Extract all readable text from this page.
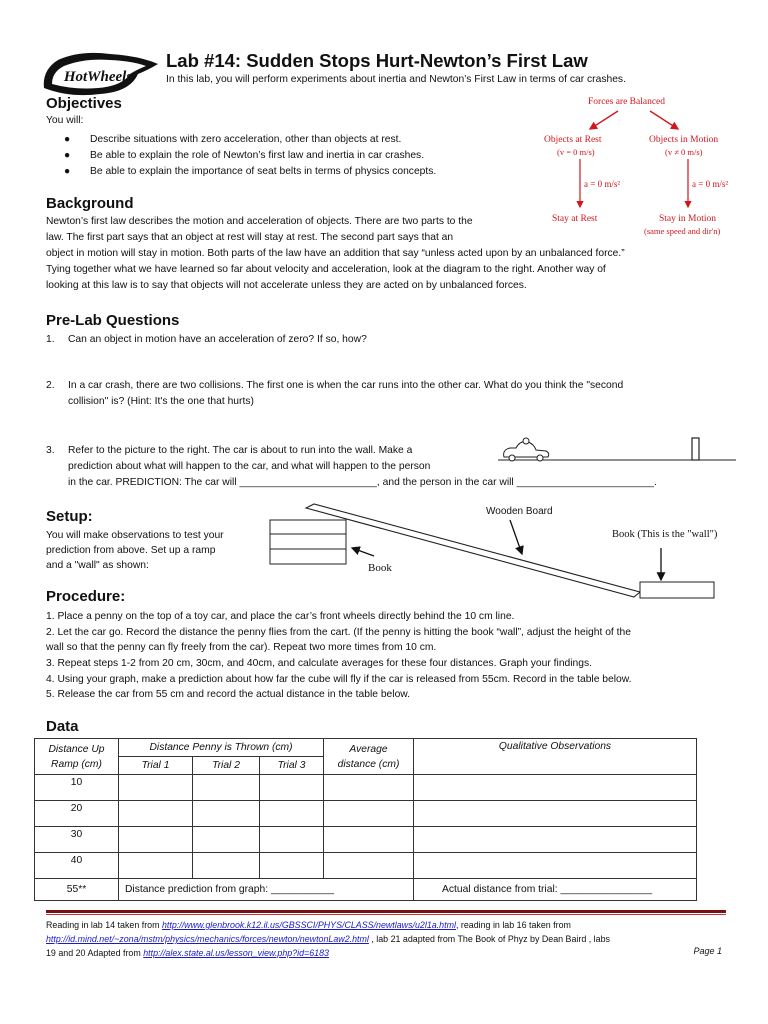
HotWheels
Lab #14: Sudden Stops Hurt-Newton’s First Law
In this lab, you will perform experiments about inertia and Newton’s First Law in terms of car crashes.
Objectives
You will:
● Describe situations with zero acceleration, other than objects at rest.
● Be able to explain the role of Newton’s first law and inertia in car crashes.
● Be able to explain the importance of seat belts in terms of physics concepts.
Forces are Balanced
Objects at Rest
(v = 0 m/s)
Objects in Motion
(v ≠ 0 m/s)
a = 0 m/s²	a = 0 m/s²
Stay at Rest	Stay in Motion
(same speed and dir'n)
Background
Newton’s first law describes the motion and acceleration of objects. There are two parts to the
law. The first part says that an object at rest will stay at rest. The second part says that an
object in motion will stay in motion. Both parts of the law have an addition that say “unless acted upon by an unbalanced force.”
Tying together what we have learned so far about velocity and acceleration, look at the diagram to the right. Another way of
looking at this law is to say that objects will not accelerate unless they are acted on by unbalanced forces.
Pre-Lab Questions
1. Can an object in motion have an acceleration of zero? If so, how?
2. In a car crash, there are two collisions. The first one is when the car runs into the other car. What do you think the "second
collision" is? (Hint: It's the one that hurts)
3. Refer to the picture to the right. The car is about to run into the wall. Make a
prediction about what will happen to the car, and what will happen to the person
in the car. PREDICTION: The car will ________________________, and the person in the car will ________________________.
Setup:
You will make observations to test your
prediction from above. Set up a ramp
and a "wall" as shown:
Wooden Board
Book (This is the "wall")
Book
Procedure:
1. Place a penny on the top of a toy car, and place the car’s front wheels directly behind the 10 cm line.
2. Let the car go. Record the distance the penny flies from the cart. (If the penny is hitting the book “wall”, adjust the height of the
wall so that the penny can fly freely from the car). Repeat two more times from 10 cm.
3. Repeat steps 1-2 from 20 cm, 30cm, and 40cm, and calculate averages for these four distances. Graph your findings.
4. Using your graph, make a prediction about how far the cube will fly if the car is released from 55cm. Record in the table below.
5. Release the car from 55 cm and record the actual distance in the table below.
Data
Distance Up
Ramp (cm)	Distance Penny is Thrown (cm)			Average
distance (cm)	Qualitative Observations
	Trial 1	Trial 2	Trial 3		
10					
20					
30					
40					
55**	Distance prediction from graph: ___________				Actual distance from trial: ________________
Reading in lab 14 taken from http://www.glenbrook.k12.il.us/GBSSCI/PHYS/CLASS/newtlaws/u2l1a.html, reading in lab 16 taken from
http://id.mind.net/~zona/mstm/physics/mechanics/forces/newton/newtonLaw2.html , lab 21 adapted from The Book of Phyz by Dean Baird , labs
19 and 20 Adapted from http://alex.state.al.us/lesson_view.php?id=6183	Page 1
